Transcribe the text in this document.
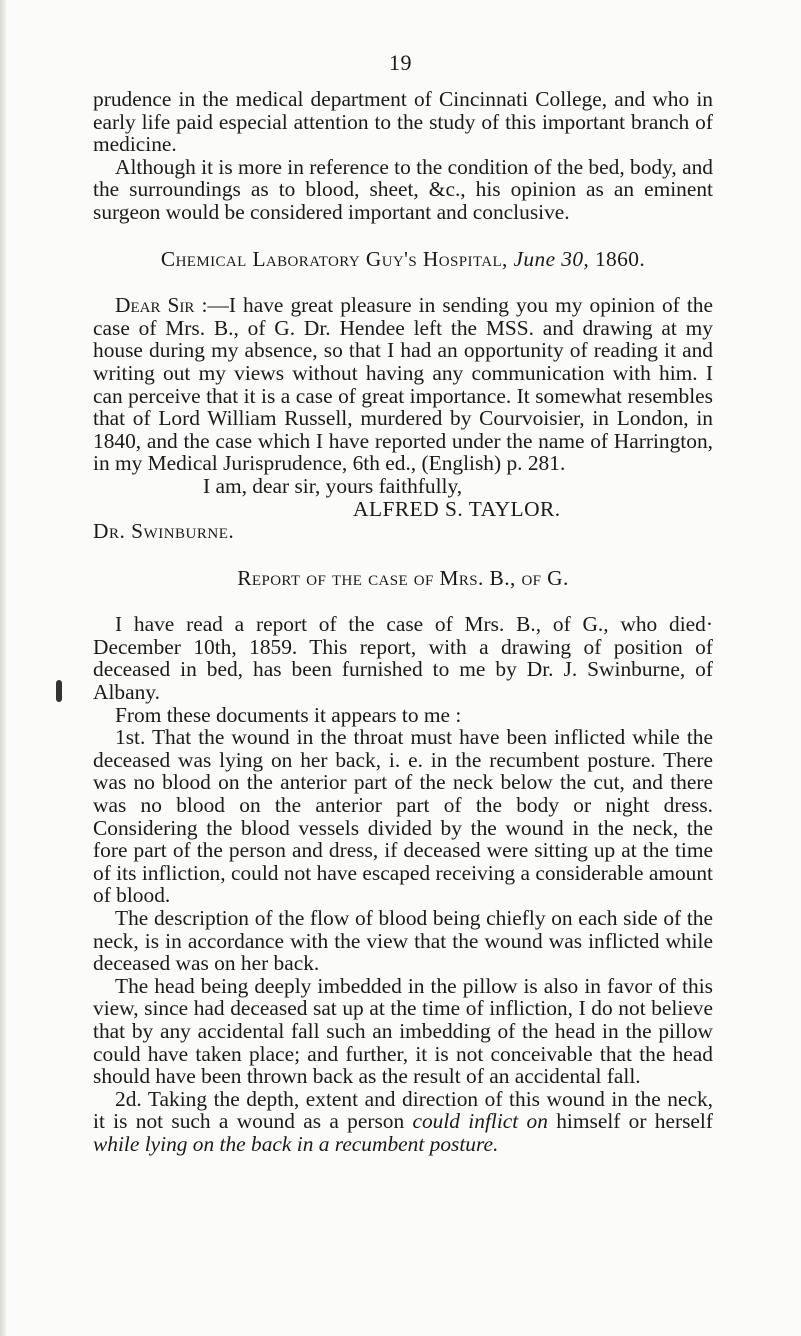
19

prudence in the medical department of Cincinnati College, and who in early life paid especial attention to the study of this important branch of medicine.

Although it is more in reference to the condition of the bed, body, and the surroundings as to blood, sheet, &c., his opinion as an eminent surgeon would be considered important and conclusive.

Chemical Laboratory Guy's Hospital, June 30, 1860.

Dear Sir :—I have great pleasure in sending you my opinion of the case of Mrs. B., of G. Dr. Hendee left the MSS. and drawing at my house during my absence, so that I had an opportunity of reading it and writing out my views without having any communication with him. I can perceive that it is a case of great importance. It somewhat resembles that of Lord William Russell, murdered by Courvoisier, in London, in 1840, and the case which I have reported under the name of Harrington, in my Medical Jurisprudence, 6th ed., (English) p. 281.

I am, dear sir, yours faithfully,

ALFRED S. TAYLOR.

Dr. Swinburne.

Report of the case of Mrs. B., of G.

I have read a report of the case of Mrs. B., of G., who died· December 10th, 1859. This report, with a drawing of position of deceased in bed, has been furnished to me by Dr. J. Swinburne, of Albany.

From these documents it appears to me :

1st. That the wound in the throat must have been inflicted while the deceased was lying on her back, i. e. in the recumbent posture. There was no blood on the anterior part of the neck below the cut, and there was no blood on the anterior part of the body or night dress. Considering the blood vessels divided by the wound in the neck, the fore part of the person and dress, if deceased were sitting up at the time of its infliction, could not have escaped receiving a considerable amount of blood.

The description of the flow of blood being chiefly on each side of the neck, is in accordance with the view that the wound was inflicted while deceased was on her back.

The head being deeply imbedded in the pillow is also in favor of this view, since had deceased sat up at the time of infliction, I do not believe that by any accidental fall such an imbedding of the head in the pillow could have taken place; and further, it is not conceivable that the head should have been thrown back as the result of an accidental fall.

2d. Taking the depth, extent and direction of this wound in the neck, it is not such a wound as a person could inflict on himself or herself while lying on the back in a recumbent posture.
